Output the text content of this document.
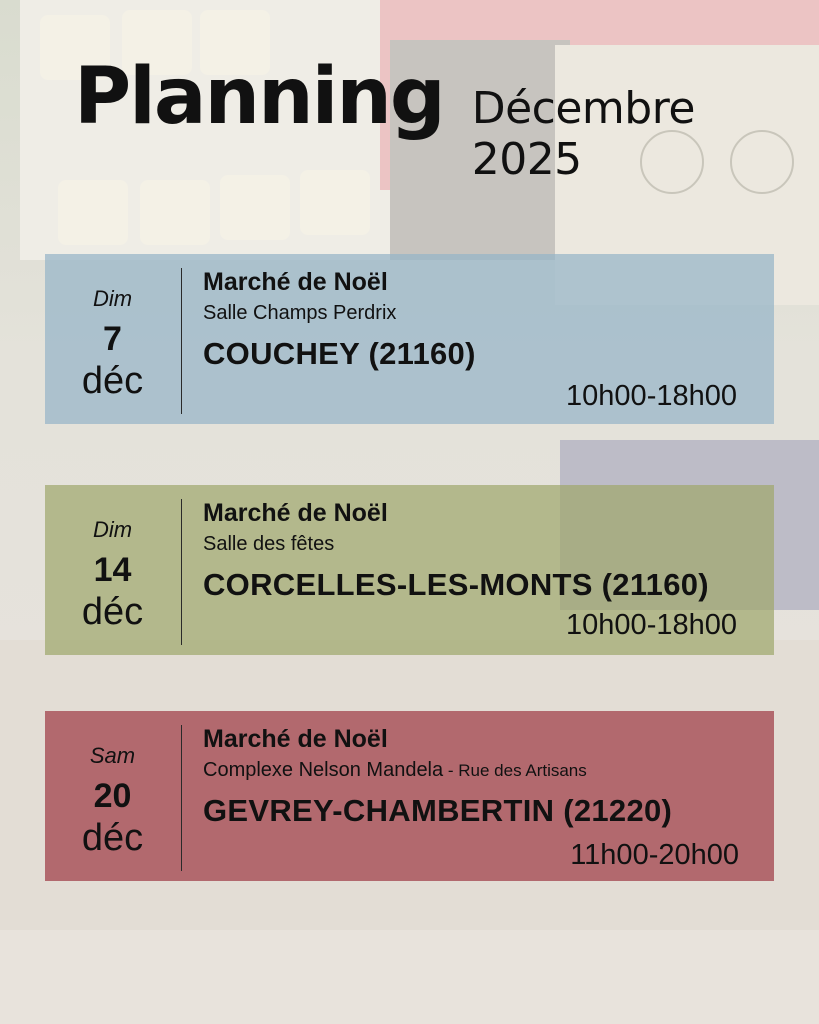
Planning Décembre 2025
Dim
7
déc
Marché de Noël
Salle Champs Perdrix
COUCHEY (21160)
10h00-18h00
Dim
14
déc
Marché de Noël
Salle des fêtes
CORCELLES-LES-MONTS (21160)
10h00-18h00
Sam
20
déc
Marché de Noël
Complexe Nelson Mandela - Rue des Artisans
GEVREY-CHAMBERTIN (21220)
11h00-20h00
